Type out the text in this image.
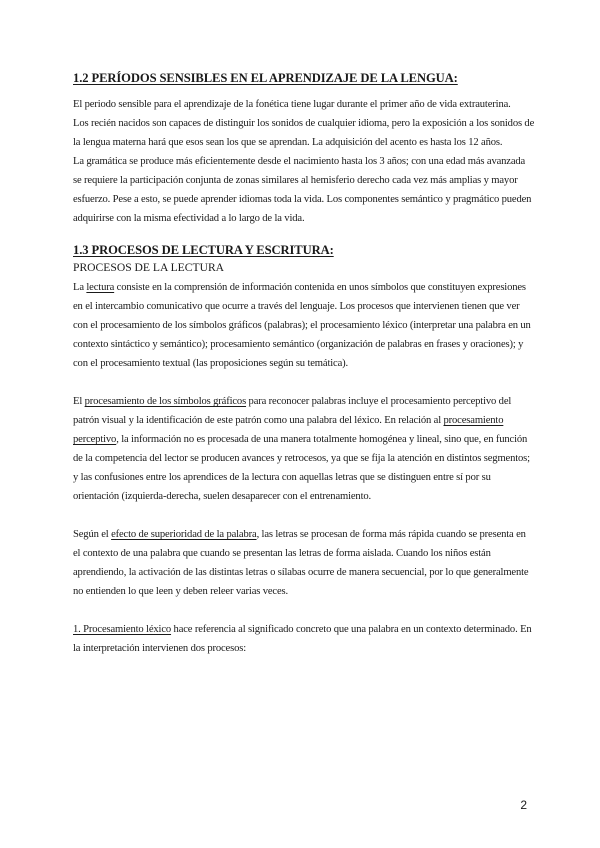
1.2 PERÍODOS SENSIBLES EN EL APRENDIZAJE DE LA LENGUA:

El periodo sensible para el aprendizaje de la fonética tiene lugar durante el primer año de vida extrauterina.

Los recién nacidos son capaces de distinguir los sonidos de cualquier idioma, pero la exposición a los sonidos de la lengua materna hará que esos sean los que se aprendan. La adquisición del acento es hasta los 12 años.

La gramática se produce más eficientemente desde el nacimiento hasta los 3 años; con una edad más avanzada se requiere la participación conjunta de zonas similares al hemisferio derecho cada vez más amplias y mayor esfuerzo. Pese a esto, se puede aprender idiomas toda la vida. Los componentes semántico y pragmático pueden adquirirse con la misma efectividad a lo largo de la vida.

1.3 PROCESOS DE LECTURA Y ESCRITURA:
PROCESOS DE LA LECTURA

La lectura consiste en la comprensión de información contenida en unos símbolos que constituyen expresiones en el intercambio comunicativo que ocurre a través del lenguaje. Los procesos que intervienen tienen que ver con el procesamiento de los símbolos gráficos (palabras); el procesamiento léxico (interpretar una palabra en un contexto sintáctico y semántico); procesamiento semántico (organización de palabras en frases y oraciones); y con el procesamiento textual (las proposiciones según su temática).

El procesamiento de los símbolos gráficos para reconocer palabras incluye el procesamiento perceptivo del patrón visual y la identificación de este patrón como una palabra del léxico. En relación al procesamiento perceptivo, la información no es procesada de una manera totalmente homogénea y lineal, sino que, en función de la competencia del lector se producen avances y retrocesos, ya que se fija la atención en distintos segmentos; y las confusiones entre los aprendices de la lectura con aquellas letras que se distinguen entre sí por su orientación (izquierda-derecha, suelen desaparecer con el entrenamiento.

Según el efecto de superioridad de la palabra, las letras se procesan de forma más rápida cuando se presenta en el contexto de una palabra que cuando se presentan las letras de forma aislada. Cuando los niños están aprendiendo, la activación de las distintas letras o sílabas ocurre de manera secuencial, por lo que generalmente no entienden lo que leen y deben releer varias veces.

1. Procesamiento léxico hace referencia al significado concreto que una palabra en un contexto determinado. En la interpretación intervienen dos procesos:

2
